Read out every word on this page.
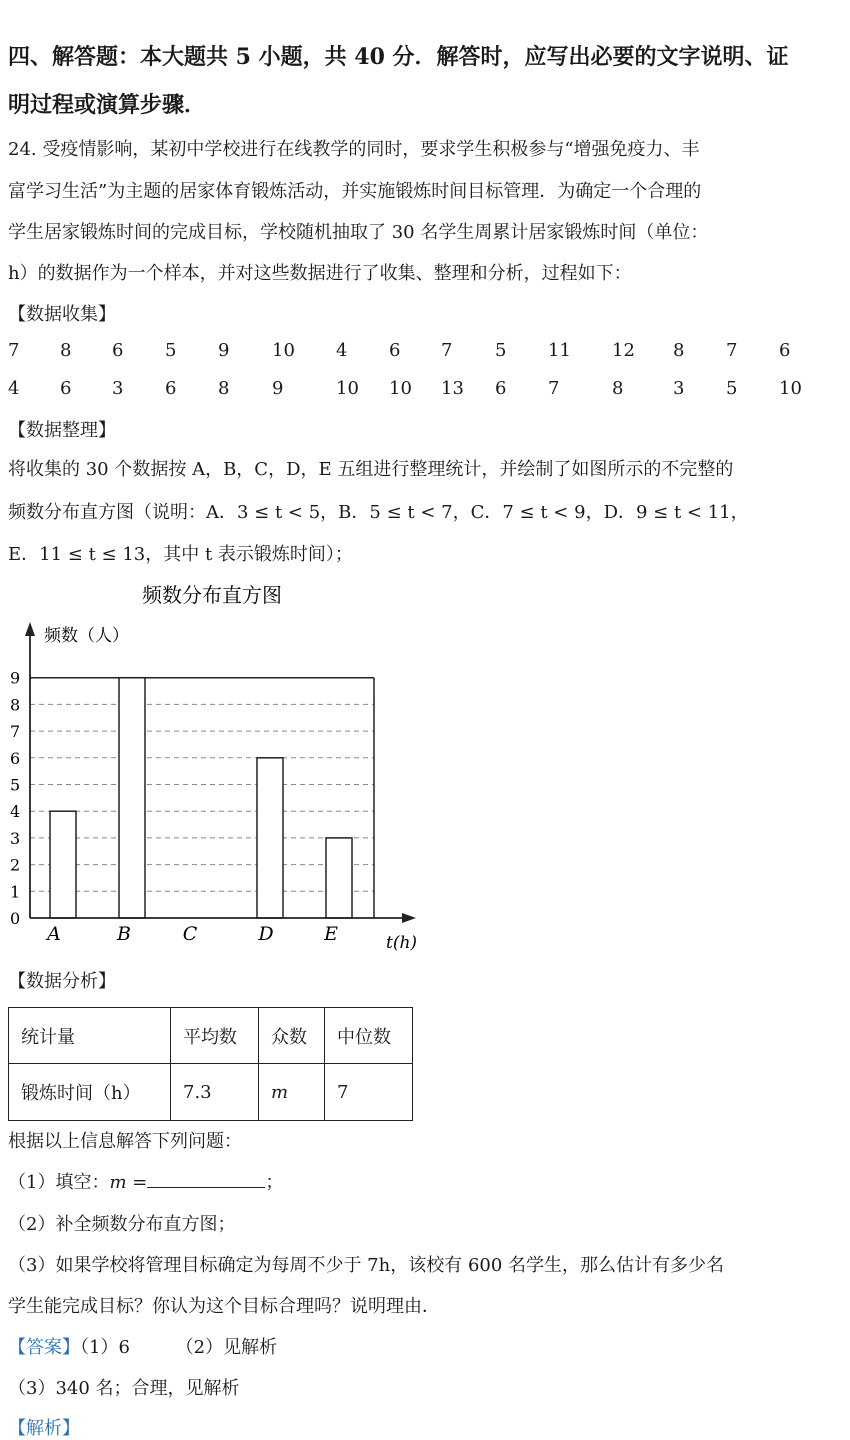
四、解答题：本大题共 5 小题，共 40 分．解答时，应写出必要的文字说明、证
明过程或演算步骤．
24. 受疫情影响，某初中学校进行在线教学的同时，要求学生积极参与“增强免疫力、丰
富学习生活”为主题的居家体育锻炼活动，并实施锻炼时间目标管理．为确定一个合理的
学生居家锻炼时间的完成目标，学校随机抽取了 30 名学生周累计居家锻炼时间（单位：
h）的数据作为一个样本，并对这些数据进行了收集、整理和分析，过程如下：
【数据收集】
7 8 6 5 9 10 4 6 7 5 11 12 8 7 6
4 6 3 6 8 9	10 10 13 6 7	8	3 5 10
【数据整理】
将收集的 30 个数据按 A，B，C，D，E 五组进行整理统计，并绘制了如图所示的不完整的
频数分布直方图（说明：A．3 ≤ t < 5，B．5 ≤ t < 7，C．7 ≤ t < 9，D．9 ≤ t < 11，
E．11 ≤ t ≤ 13，其中 t 表示锻炼时间）；
频数分布直方图
频数（人）
t(h)
0
1
2
3
4
5
6
7
8
9
A	B	C	D	E
【数据分析】
统计量	平均数	众数	中位数
锻炼时间（h）	7.3	m	7
根据以上信息解答下列问题：
（1）填空：m =	；
（2）补全频数分布直方图；
（3）如果学校将管理目标确定为每周不少于 7h，该校有 600 名学生，那么估计有多少名
学生能完成目标？你认为这个目标合理吗？说明理由．
【答案】（1）6        （2）见解析
（3）340 名；合理，见解析
【解析】
